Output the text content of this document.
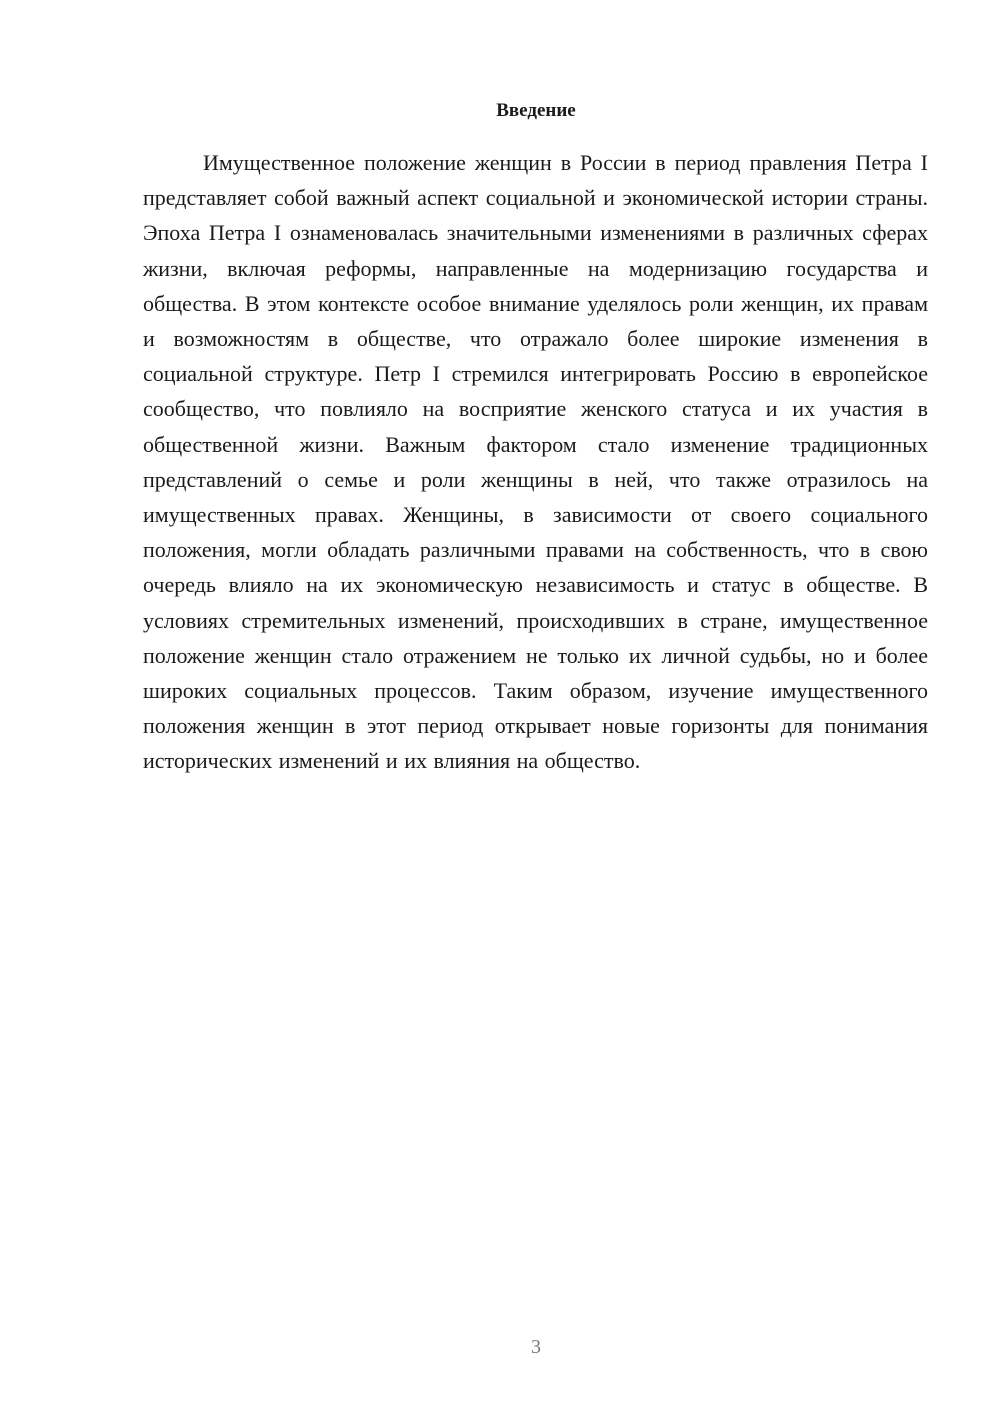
Введение

Имущественное положение женщин в России в период правления Петра I представляет собой важный аспект социальной и экономической истории страны. Эпоха Петра I ознаменовалась значительными изменениями в различных сферах жизни, включая реформы, направленные на модернизацию государства и общества. В этом контексте особое внимание уделялось роли женщин, их правам и возможностям в обществе, что отражало более широкие изменения в социальной структуре. Петр I стремился интегрировать Россию в европейское сообщество, что повлияло на восприятие женского статуса и их участия в общественной жизни. Важным фактором стало изменение традиционных представлений о семье и роли женщины в ней, что также отразилось на имущественных правах. Женщины, в зависимости от своего социального положения, могли обладать различными правами на собственность, что в свою очередь влияло на их экономическую независимость и статус в обществе. В условиях стремительных изменений, происходивших в стране, имущественное положение женщин стало отражением не только их личной судьбы, но и более широких социальных процессов. Таким образом, изучение имущественного положения женщин в этот период открывает новые горизонты для понимания исторических изменений и их влияния на общество.

3
